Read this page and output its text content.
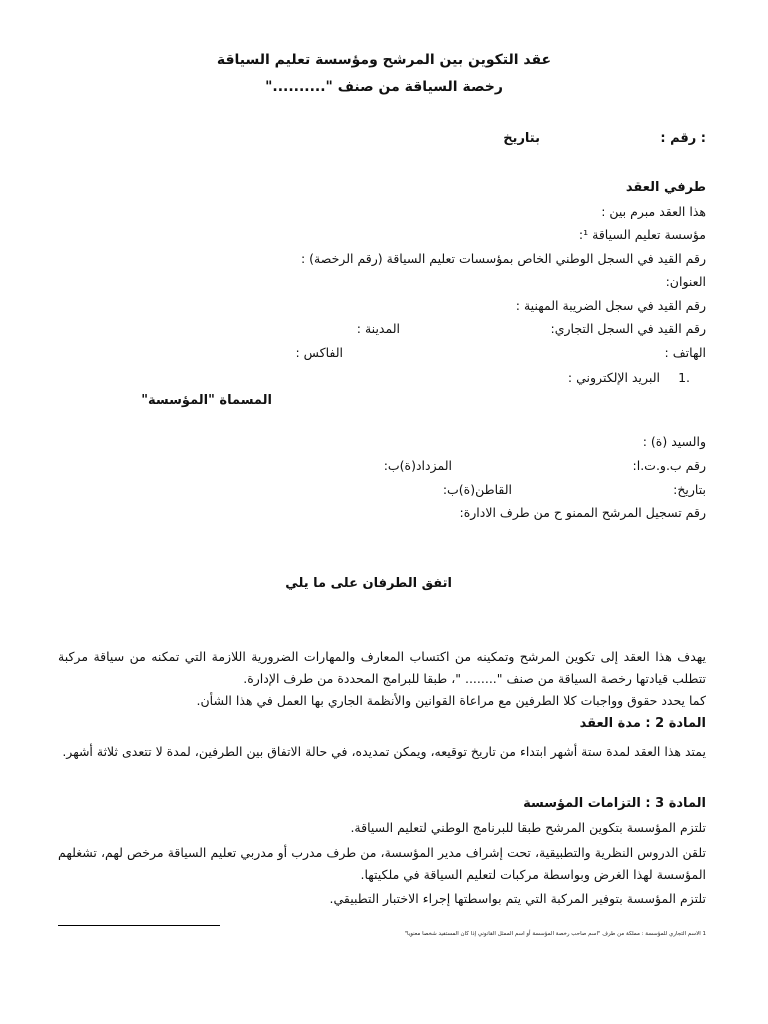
عقد التكوين بين المرشح ومؤسسة تعليم السياقة
رخصة السياقة من صنف ".........."
: رقم :
بتاريخ
طرفي العقد
هذا العقد مبرم بين :
مؤسسة تعليم السياقة ¹:
رقم القيد في السجل الوطني الخاص بمؤسسات تعليم السياقة (رقم الرخصة) :
العنوان:
رقم القيد في سجل الضريبة المهنية :
رقم القيد في السجل التجاري:
المدينة :
الهاتف :
الفاكس :
1.
البريد الإلكتروني :
المسماة "المؤسسة"
والسيد (ة) :
رقم ب.و.ت.ا:
المزداد(ة)ب:
بتاريخ:
القاطن(ة)ب:
رقم تسجيل المرشح الممنو ح من طرف الادارة:
اتفق الطرفان على ما يلي
يهدف هذا العقد إلى تكوين المرشح وتمكينه من اكتساب المعارف والمهارات الضرورية اللازمة التي تمكنه من سياقة مركبة تتطلب قيادتها رخصة السياقة من صنف "........ "، طبقا للبرامج المحددة من طرف الإدارة.
كما يحدد حقوق وواجبات كلا الطرفين مع مراعاة القوانين والأنظمة الجاري بها العمل في هذا الشأن.
المادة 2 : مدة العقد
يمتد هذا العقد لمدة ستة أشهر ابتداء من تاريخ توقيعه، ويمكن تمديده، في حالة الاتفاق بين الطرفين، لمدة لا تتعدى ثلاثة أشهر.
المادة 3 : التزامات المؤسسة
تلتزم المؤسسة بتكوين المرشح طبقا للبرنامج الوطني لتعليم السياقة.
تلقن الدروس النظرية والتطبيقية، تحت إشراف مدير المؤسسة، من طرف مدرب أو مدربي تعليم السياقة مرخص لهم، تشغلهم المؤسسة لهذا الغرض وبواسطة مركبات لتعليم السياقة في ملكيتها.
تلتزم المؤسسة بتوفير المركبة التي يتم بواسطتها إجراء الاختبار التطبيقي.
1 الاسم التجاري للمؤسسة : مملكة من طرف "اسم صاحب رخصة المؤسسة أو اسم الممثل القانوني إذا كان المستفيد شخصا معنويا"
